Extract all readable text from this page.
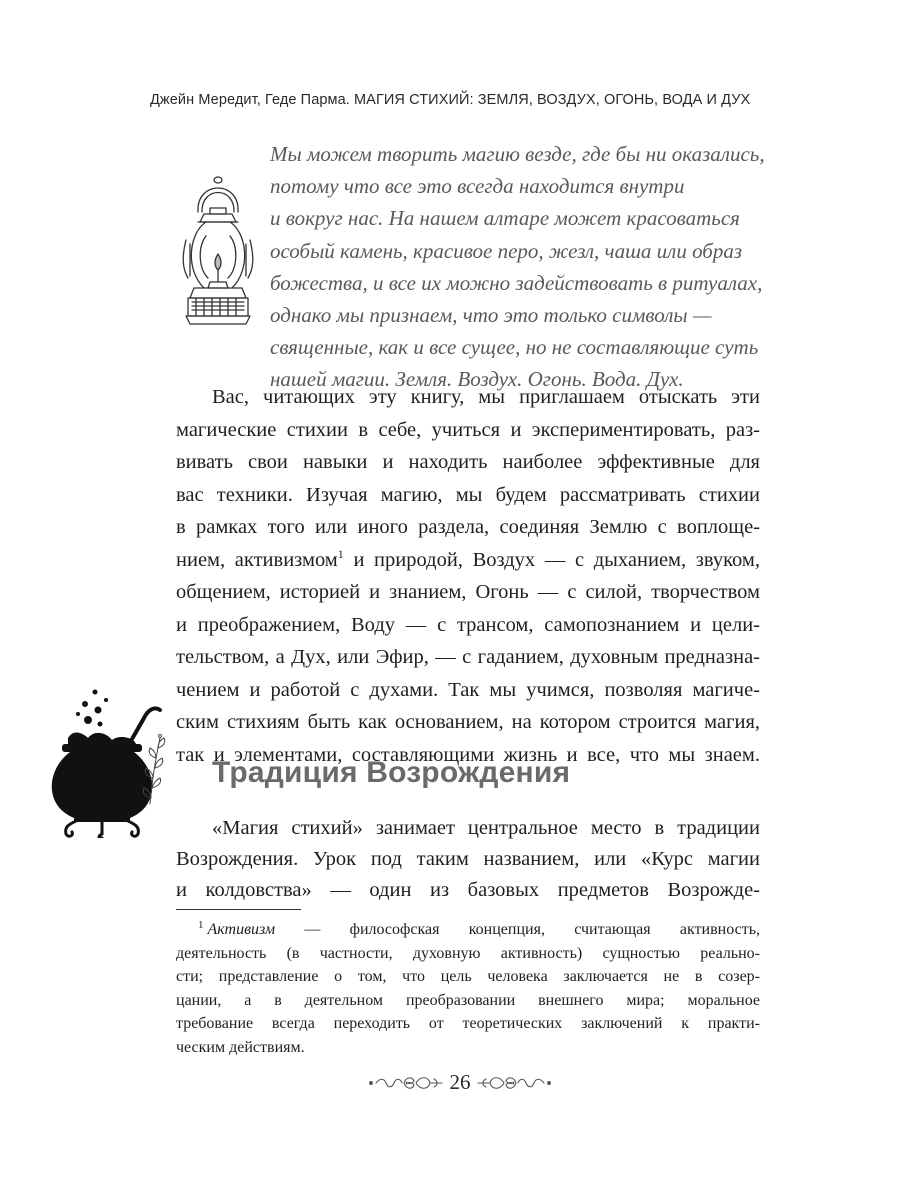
Джейн Мередит, Геде Парма. МАГИЯ СТИХИЙ: ЗЕМЛЯ, ВОЗДУХ, ОГОНЬ, ВОДА И ДУХ
Мы можем творить магию везде, где бы ни оказались,
потому что все это всегда находится внутри
и вокруг нас. На нашем алтаре может красоваться
особый камень, красивое перо, жезл, чаша или образ
божества, и все их можно задействовать в ритуалах,
однако мы признаем, что это только символы —
священные, как и все сущее, но не составляющие суть
нашей магии. Земля. Воздух. Огонь. Вода. Дух.
Вас, читающих эту книгу, мы приглашаем отыскать эти
магические стихии в себе, учиться и экспериментировать, раз-
вивать свои навыки и находить наиболее эффективные для
вас техники. Изучая магию, мы будем рассматривать стихии
в рамках того или иного раздела, соединяя Землю с воплоще-
нием, активизмом$^1$ и природой, Воздух — с дыханием, звуком,
общением, историей и знанием, Огонь — с силой, творчеством
и преображением, Воду — с трансом, самопознанием и цели-
тельством, а Дух, или Эфир, — с гаданием, духовным предназна-
чением и работой с духами. Так мы учимся, позволяя магиче-
ским стихиям быть как основанием, на котором строится магия,
так и элементами, составляющими жизнь и все, что мы знаем.
Традиция Возрождения
«Магия стихий» занимает центральное место в традиции
Возрождения. Урок под таким названием, или «Курс магии
и колдовства» — один из базовых предметов Возрожде-
$^1$ Активизм — философская концепция, считающая активность,
деятельность (в частности, духовную активность) сущностью реально-
сти; представление о том, что цель человека заключается не в созер-
цании, а в деятельном преобразовании внешнего мира; моральное
требование всегда переходить от теоретических заключений к практи-
ческим действиям.
26
